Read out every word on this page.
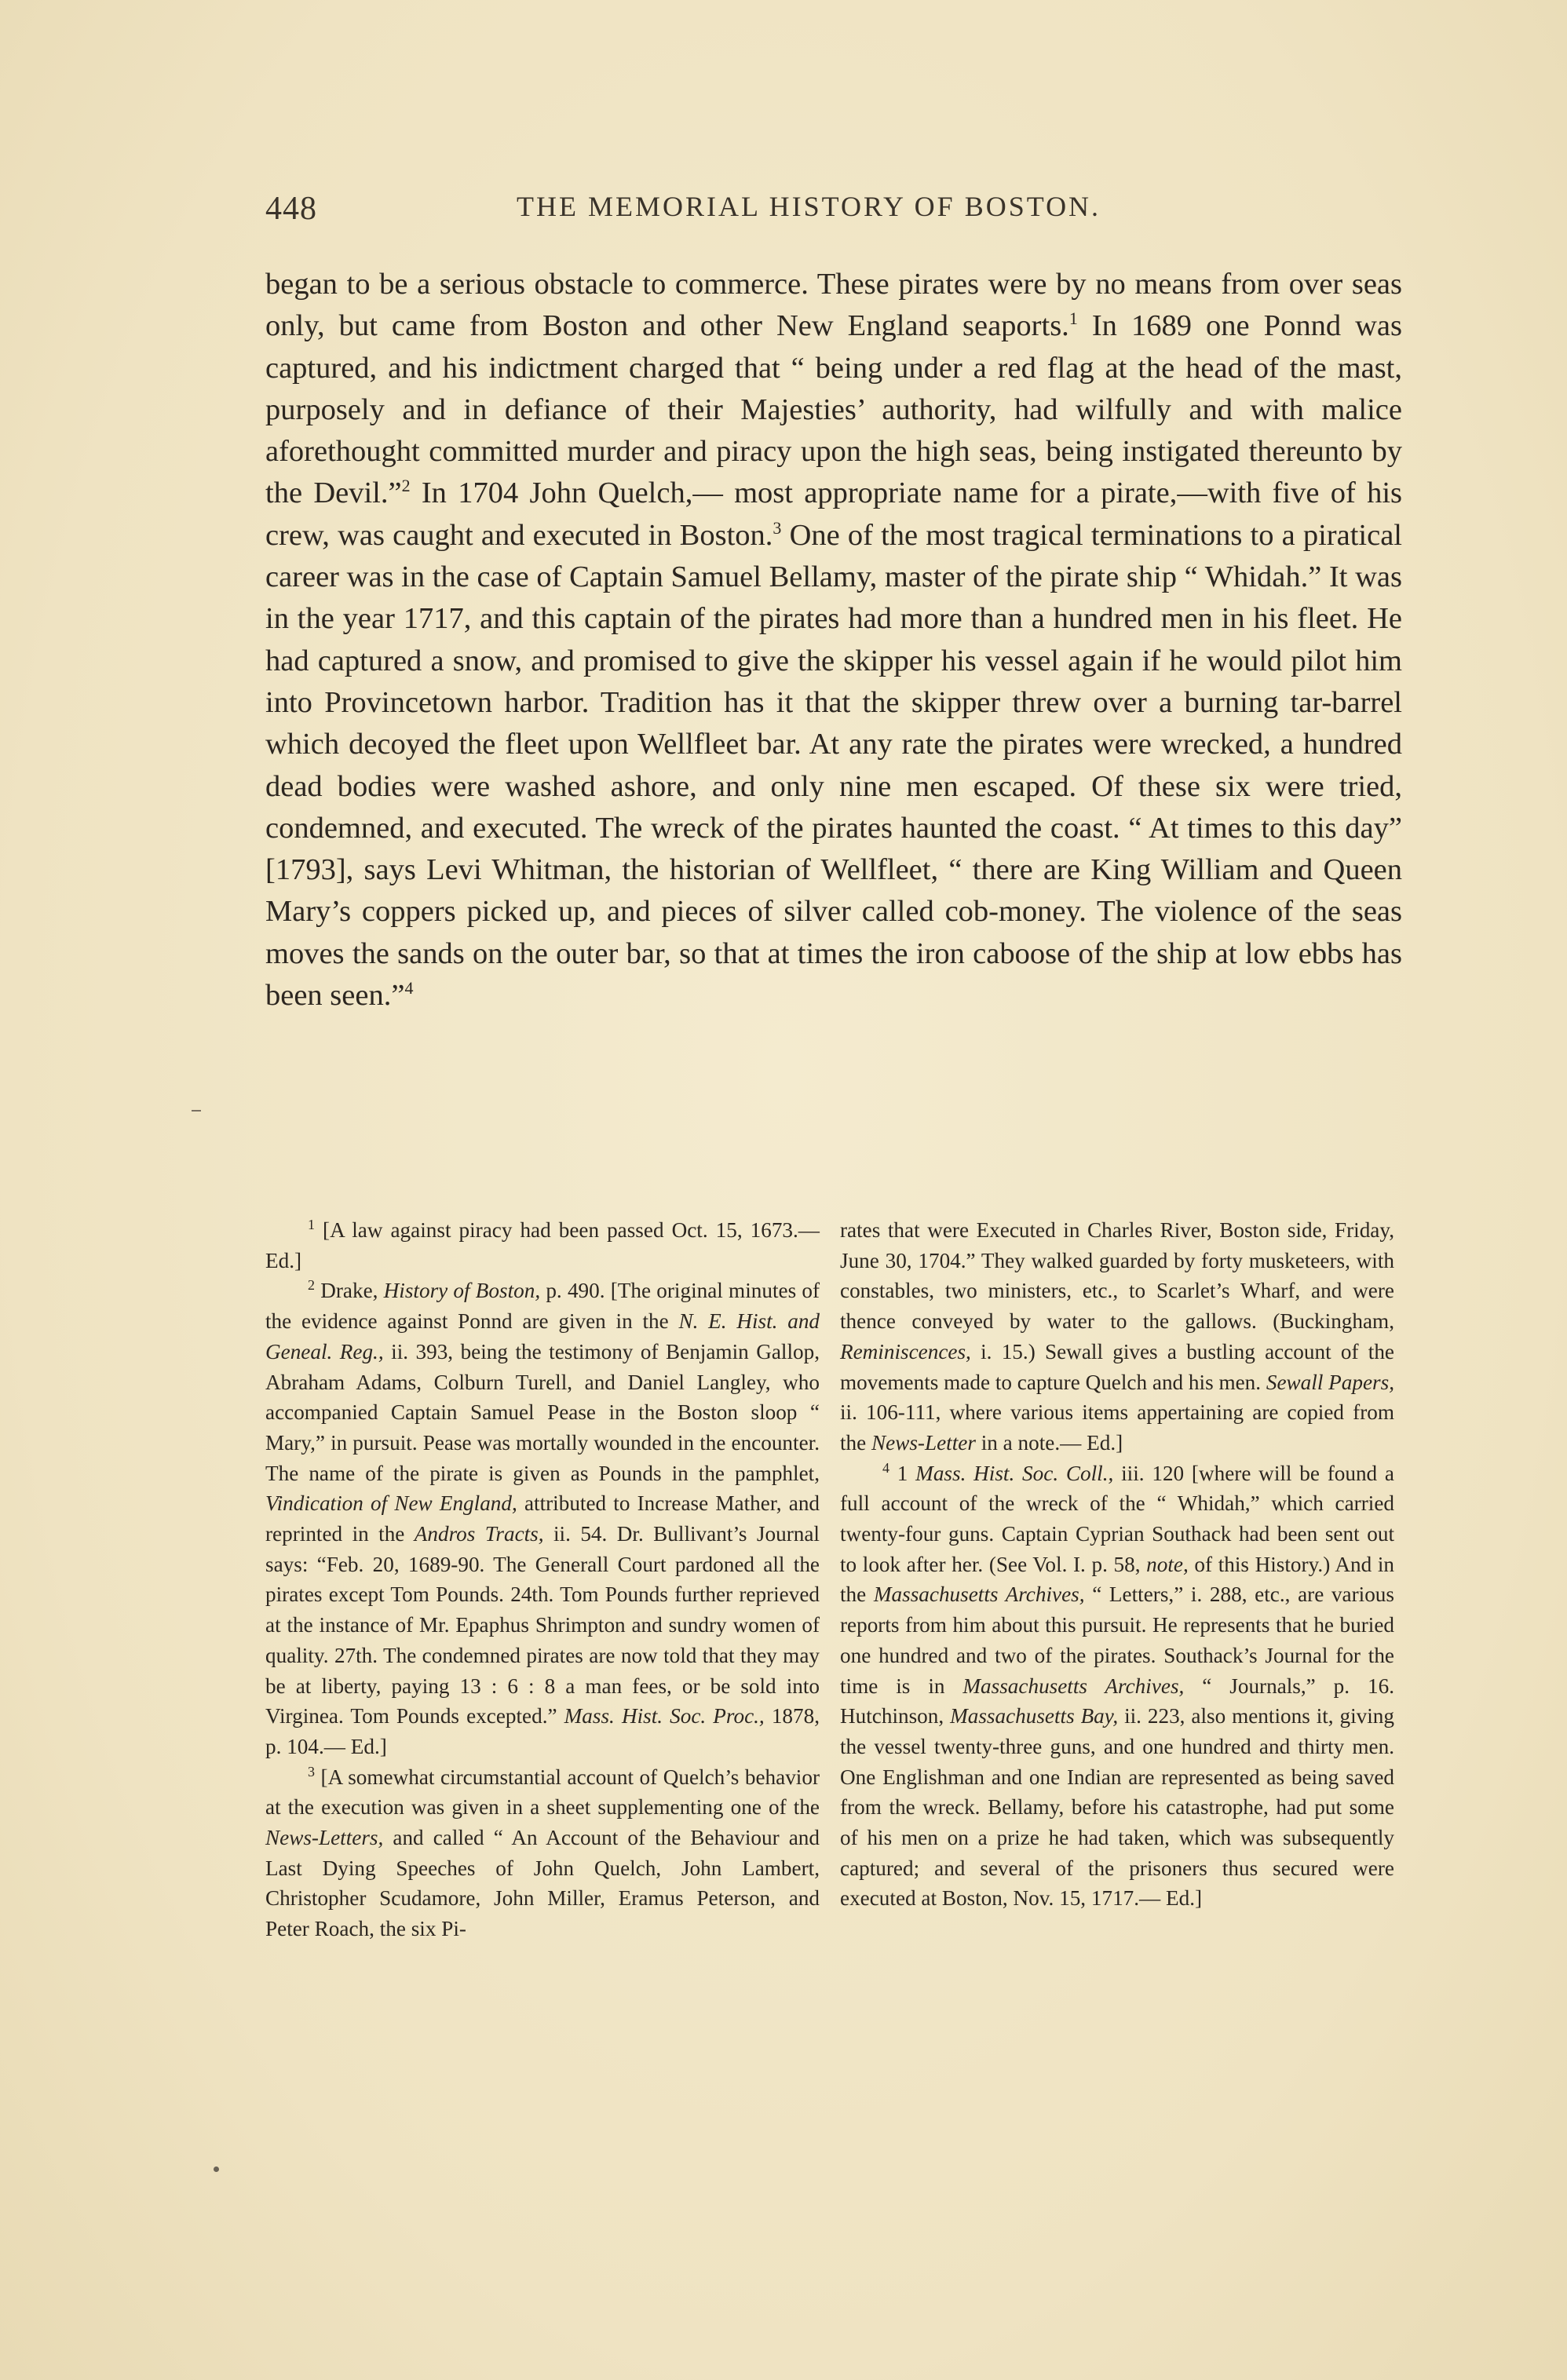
448	THE MEMORIAL HISTORY OF BOSTON.

began to be a serious obstacle to commerce. These pirates were by no means from over seas only, but came from Boston and other New England seaports.$^1$ In 1689 one Ponnd was captured, and his indictment charged that “ being under a red flag at the head of the mast, purposely and in defiance of their Majesties’ authority, had wilfully and with malice aforethought committed murder and piracy upon the high seas, being instigated thereunto by the Devil.”$^2$ In 1704 John Quelch,— most appropriate name for a pirate,—with five of his crew, was caught and executed in Boston.$^3$ One of the most tragical terminations to a piratical career was in the case of Captain Samuel Bellamy, master of the pirate ship “ Whidah.” It was in the year 1717, and this captain of the pirates had more than a hundred men in his fleet. He had captured a snow, and promised to give the skipper his vessel again if he would pilot him into Provincetown harbor. Tradition has it that the skipper threw over a burning tar-barrel which decoyed the fleet upon Wellfleet bar. At any rate the pirates were wrecked, a hundred dead bodies were washed ashore, and only nine men escaped. Of these six were tried, condemned, and executed. The wreck of the pirates haunted the coast. “ At times to this day” [1793], says Levi Whitman, the historian of Wellfleet, “ there are King William and Queen Mary’s coppers picked up, and pieces of silver called cob-money. The violence of the seas moves the sands on the outer bar, so that at times the iron caboose of the ship at low ebbs has been seen.”$^4$

$^1$ [A law against piracy had been passed Oct. 15, 1673.— Ed.]

$^2$ Drake, History of Boston, p. 490. [The original minutes of the evidence against Ponnd are given in the N. E. Hist. and Geneal. Reg., ii. 393, being the testimony of Benjamin Gallop, Abraham Adams, Colburn Turell, and Daniel Langley, who accompanied Captain Samuel Pease in the Boston sloop “ Mary,” in pursuit. Pease was mortally wounded in the encounter. The name of the pirate is given as Pounds in the pamphlet, Vindication of New England, attributed to Increase Mather, and reprinted in the Andros Tracts, ii. 54. Dr. Bullivant’s Journal says: “Feb. 20, 1689-90. The Generall Court pardoned all the pirates except Tom Pounds. 24th. Tom Pounds further reprieved at the instance of Mr. Epaphus Shrimpton and sundry women of quality. 27th. The condemned pirates are now told that they may be at liberty, paying 13 : 6 : 8 a man fees, or be sold into Virginea. Tom Pounds excepted.” Mass. Hist. Soc. Proc., 1878, p. 104.— Ed.]

$^3$ [A somewhat circumstantial account of Quelch’s behavior at the execution was given in a sheet supplementing one of the News-Letters, and called “ An Account of the Behaviour and Last Dying Speeches of John Quelch, John Lambert, Christopher Scudamore, John Miller, Eramus Peterson, and Peter Roach, the six Pi-

rates that were Executed in Charles River, Boston side, Friday, June 30, 1704.” They walked guarded by forty musketeers, with constables, two ministers, etc., to Scarlet’s Wharf, and were thence conveyed by water to the gallows. (Buckingham, Reminiscences, i. 15.) Sewall gives a bustling account of the movements made to capture Quelch and his men. Sewall Papers, ii. 106-111, where various items appertaining are copied from the News-Letter in a note.— Ed.]

$^4$ 1 Mass. Hist. Soc. Coll., iii. 120 [where will be found a full account of the wreck of the “ Whidah,” which carried twenty-four guns. Captain Cyprian Southack had been sent out to look after her. (See Vol. I. p. 58, note, of this History.) And in the Massachusetts Archives, “ Letters,” i. 288, etc., are various reports from him about this pursuit. He represents that he buried one hundred and two of the pirates. Southack’s Journal for the time is in Massachusetts Archives, “ Journals,” p. 16. Hutchinson, Massachusetts Bay, ii. 223, also mentions it, giving the vessel twenty-three guns, and one hundred and thirty men. One Englishman and one Indian are represented as being saved from the wreck. Bellamy, before his catastrophe, had put some of his men on a prize he had taken, which was subsequently captured; and several of the prisoners thus secured were executed at Boston, Nov. 15, 1717.— Ed.]
